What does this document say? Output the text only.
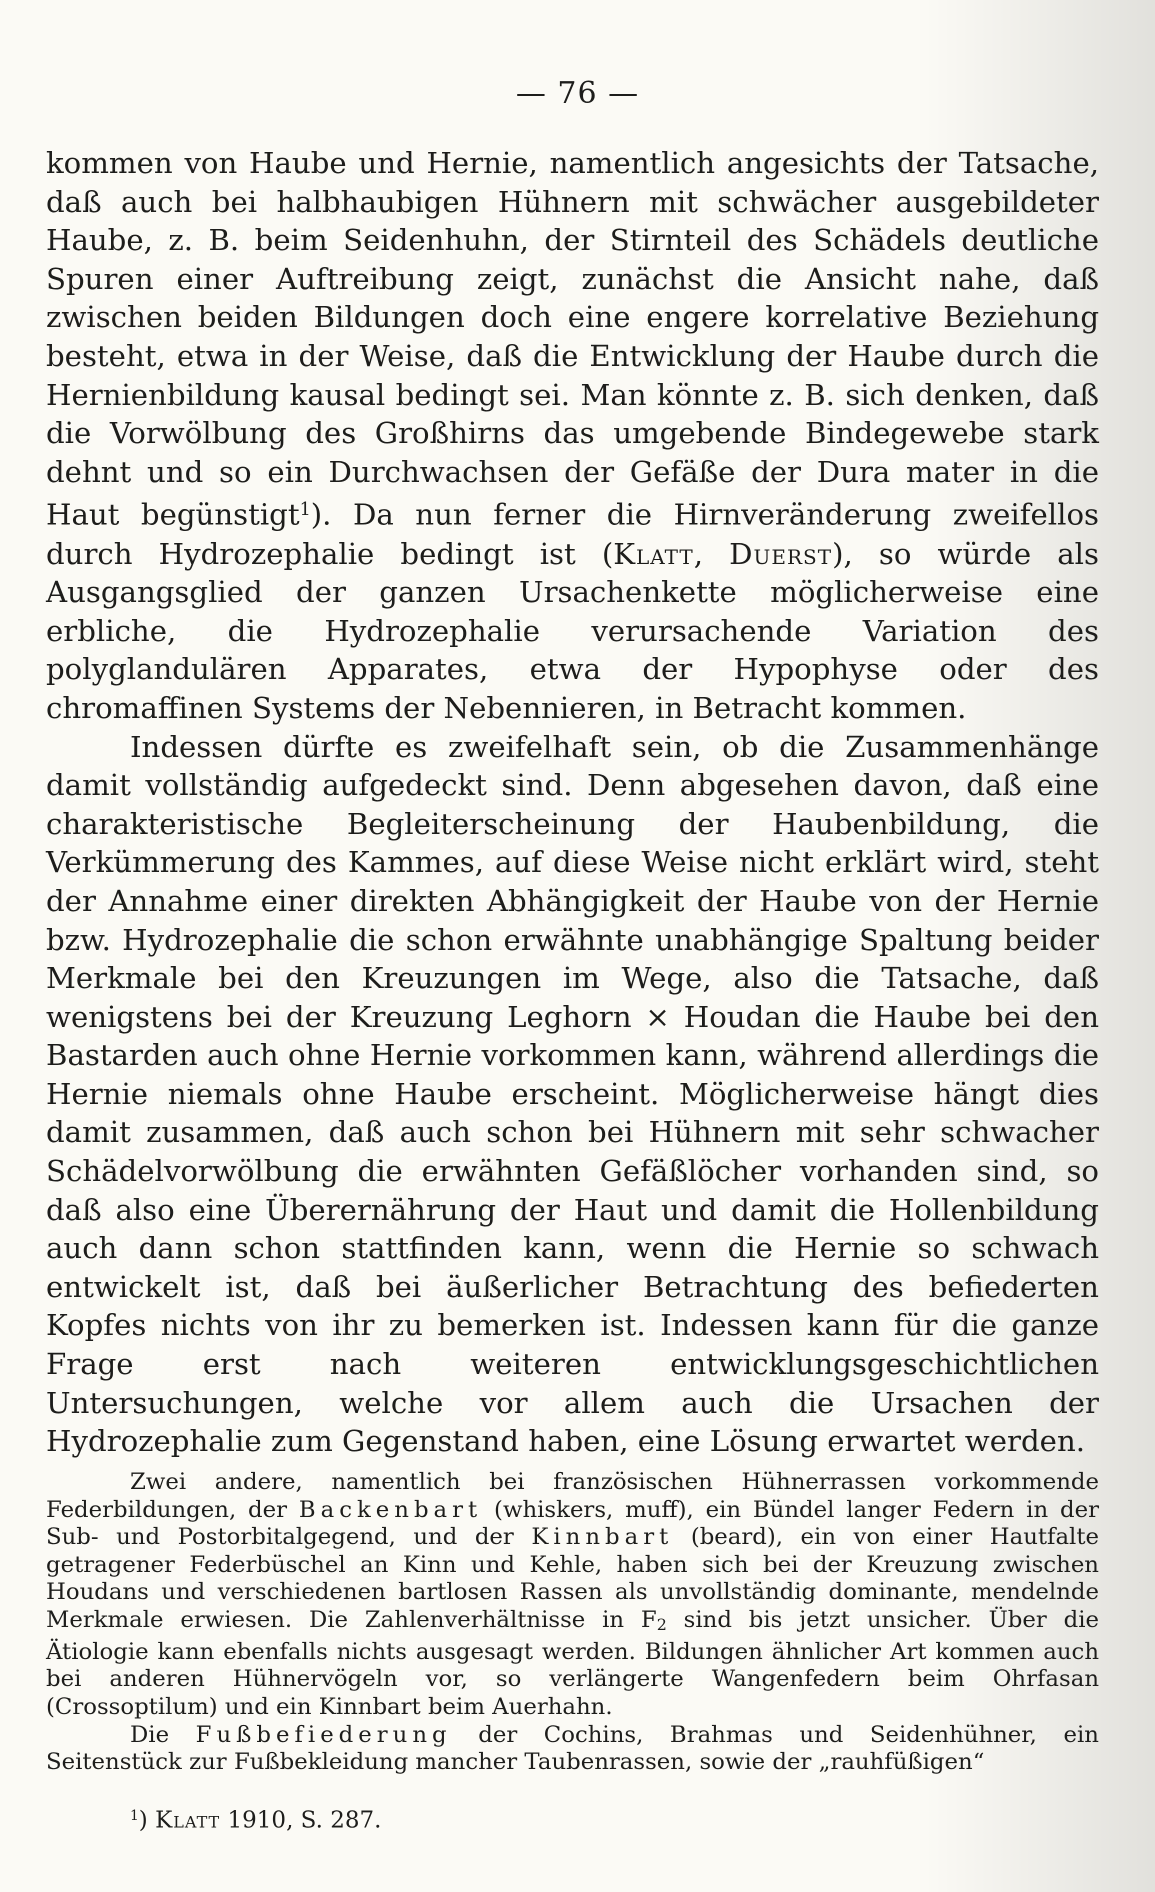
— 76 —

kommen von Haube und Hernie, namentlich angesichts der Tatsache, daß auch bei halbhaubigen Hühnern mit schwächer ausgebildeter Haube, z. B. beim Seidenhuhn, der Stirnteil des Schädels deutliche Spuren einer Auftreibung zeigt, zunächst die Ansicht nahe, daß zwischen beiden Bildungen doch eine engere korrelative Beziehung besteht, etwa in der Weise, daß die Entwicklung der Haube durch die Hernienbildung kausal bedingt sei. Man könnte z. B. sich denken, daß die Vorwölbung des Großhirns das umgebende Bindegewebe stark dehnt und so ein Durchwachsen der Gefäße der Dura mater in die Haut begünstigt$^1$). Da nun ferner die Hirnveränderung zweifellos durch Hydrozephalie bedingt ist (Klatt, Duerst), so würde als Ausgangsglied der ganzen Ursachenkette möglicherweise eine erbliche, die Hydrozephalie verursachende Variation des polyglandulären Apparates, etwa der Hypophyse oder des chromaffinen Systems der Nebennieren, in Betracht kommen.

Indessen dürfte es zweifelhaft sein, ob die Zusammenhänge damit vollständig aufgedeckt sind. Denn abgesehen davon, daß eine charakteristische Begleiterscheinung der Haubenbildung, die Verkümmerung des Kammes, auf diese Weise nicht erklärt wird, steht der Annahme einer direkten Abhängigkeit der Haube von der Hernie bzw. Hydrozephalie die schon erwähnte unabhängige Spaltung beider Merkmale bei den Kreuzungen im Wege, also die Tatsache, daß wenigstens bei der Kreuzung Leghorn × Houdan die Haube bei den Bastarden auch ohne Hernie vorkommen kann, während allerdings die Hernie niemals ohne Haube erscheint. Möglicherweise hängt dies damit zusammen, daß auch schon bei Hühnern mit sehr schwacher Schädelvorwölbung die erwähnten Gefäßlöcher vorhanden sind, so daß also eine Überernährung der Haut und damit die Hollenbildung auch dann schon stattfinden kann, wenn die Hernie so schwach entwickelt ist, daß bei äußerlicher Betrachtung des befiederten Kopfes nichts von ihr zu bemerken ist. Indessen kann für die ganze Frage erst nach weiteren entwicklungsgeschichtlichen Untersuchungen, welche vor allem auch die Ursachen der Hydrozephalie zum Gegenstand haben, eine Lösung erwartet werden.

Zwei andere, namentlich bei französischen Hühnerrassen vorkommende Federbildungen, der Backenbart (whiskers, muff), ein Bündel langer Federn in der Sub- und Postorbitalgegend, und der Kinnbart (beard), ein von einer Hautfalte getragener Federbüschel an Kinn und Kehle, haben sich bei der Kreuzung zwischen Houdans und verschiedenen bartlosen Rassen als unvollständig dominante, mendelnde Merkmale erwiesen. Die Zahlenverhältnisse in $F_2$ sind bis jetzt unsicher. Über die Ätiologie kann ebenfalls nichts ausgesagt werden. Bildungen ähnlicher Art kommen auch bei anderen Hühnervögeln vor, so verlängerte Wangenfedern beim Ohrfasan (Crossoptilum) und ein Kinnbart beim Auerhahn.

Die Fußbefiederung der Cochins, Brahmas und Seidenhühner, ein Seitenstück zur Fußbekleidung mancher Taubenrassen, sowie der „rauhfüßigen“

$^1$) Klatt 1910, S. 287.
